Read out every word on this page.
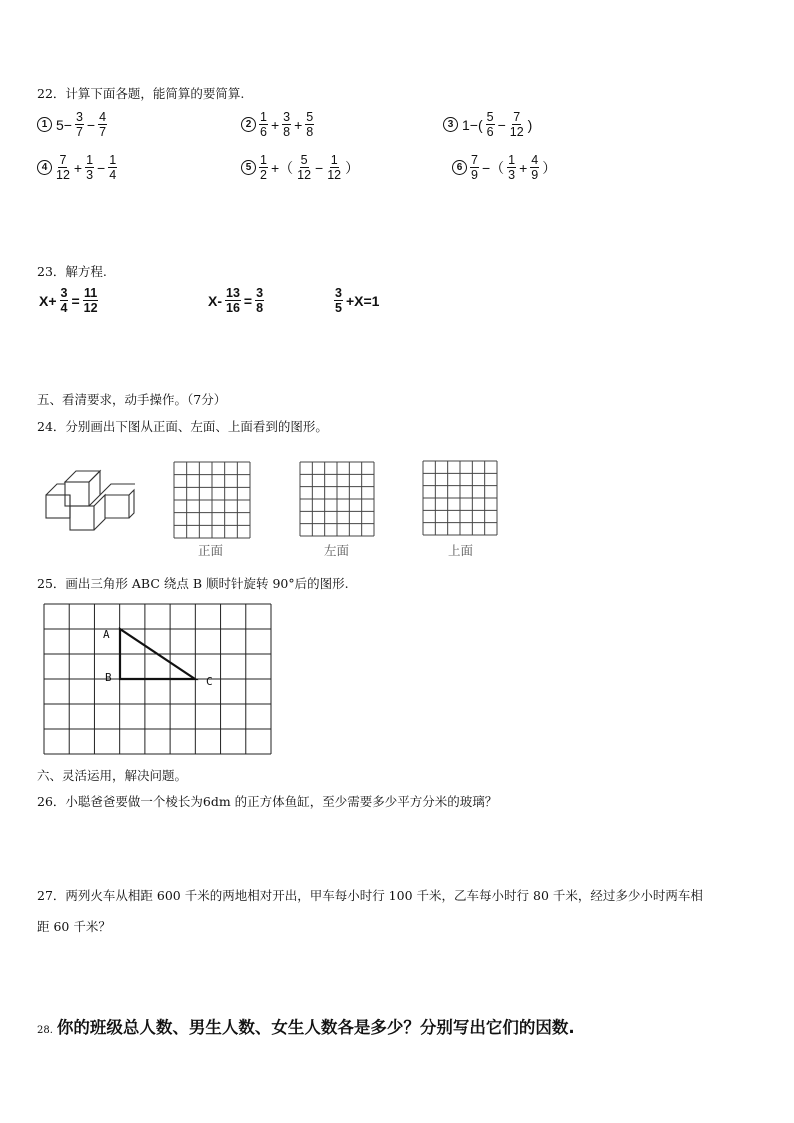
22．计算下面各题，能简算的要简算.
1 $5- \frac{3}{7} - \frac{4}{7}$	$2 \frac{1}{6} + \frac{3}{8} + \frac{5}{8}$	3 $1-( \frac{5}{6} - \frac{7}{12}$ )
$4 \frac{7}{12} + \frac{1}{3} - \frac{1}{4}$	$5 \frac{1}{2}$ +（ $\frac{5}{12} - \frac{1}{12}$ ）	$6 \frac{7}{9}$ −（ $\frac{1}{3} + \frac{4}{9}$ ）
23．解方程.
$X+ \frac{3}{4} = \frac{11}{12}$	$X- \frac{13}{16} = \frac{3}{8}$	$\frac{3}{5} +X=1$
五、看清要求，动手操作。（7分）
24．分别画出下图从正面、左面、上面看到的图形。
正面	左面	上面
25．画出三角形 ABC 绕点 B 顺时针旋转 90°后的图形.
A
B	C
六、灵活运用，解决问题。
26．小聪爸爸要做一个棱长为6dm 的正方体鱼缸，至少需要多少平方分米的玻璃？
27．两列火车从相距 600 千米的两地相对开出，甲车每小时行 100 千米，乙车每小时行 80 千米，经过多少小时两车相
距 60 千米？
28. 你的班级总人数、男生人数、女生人数各是多少？分别写出它们的因数.
